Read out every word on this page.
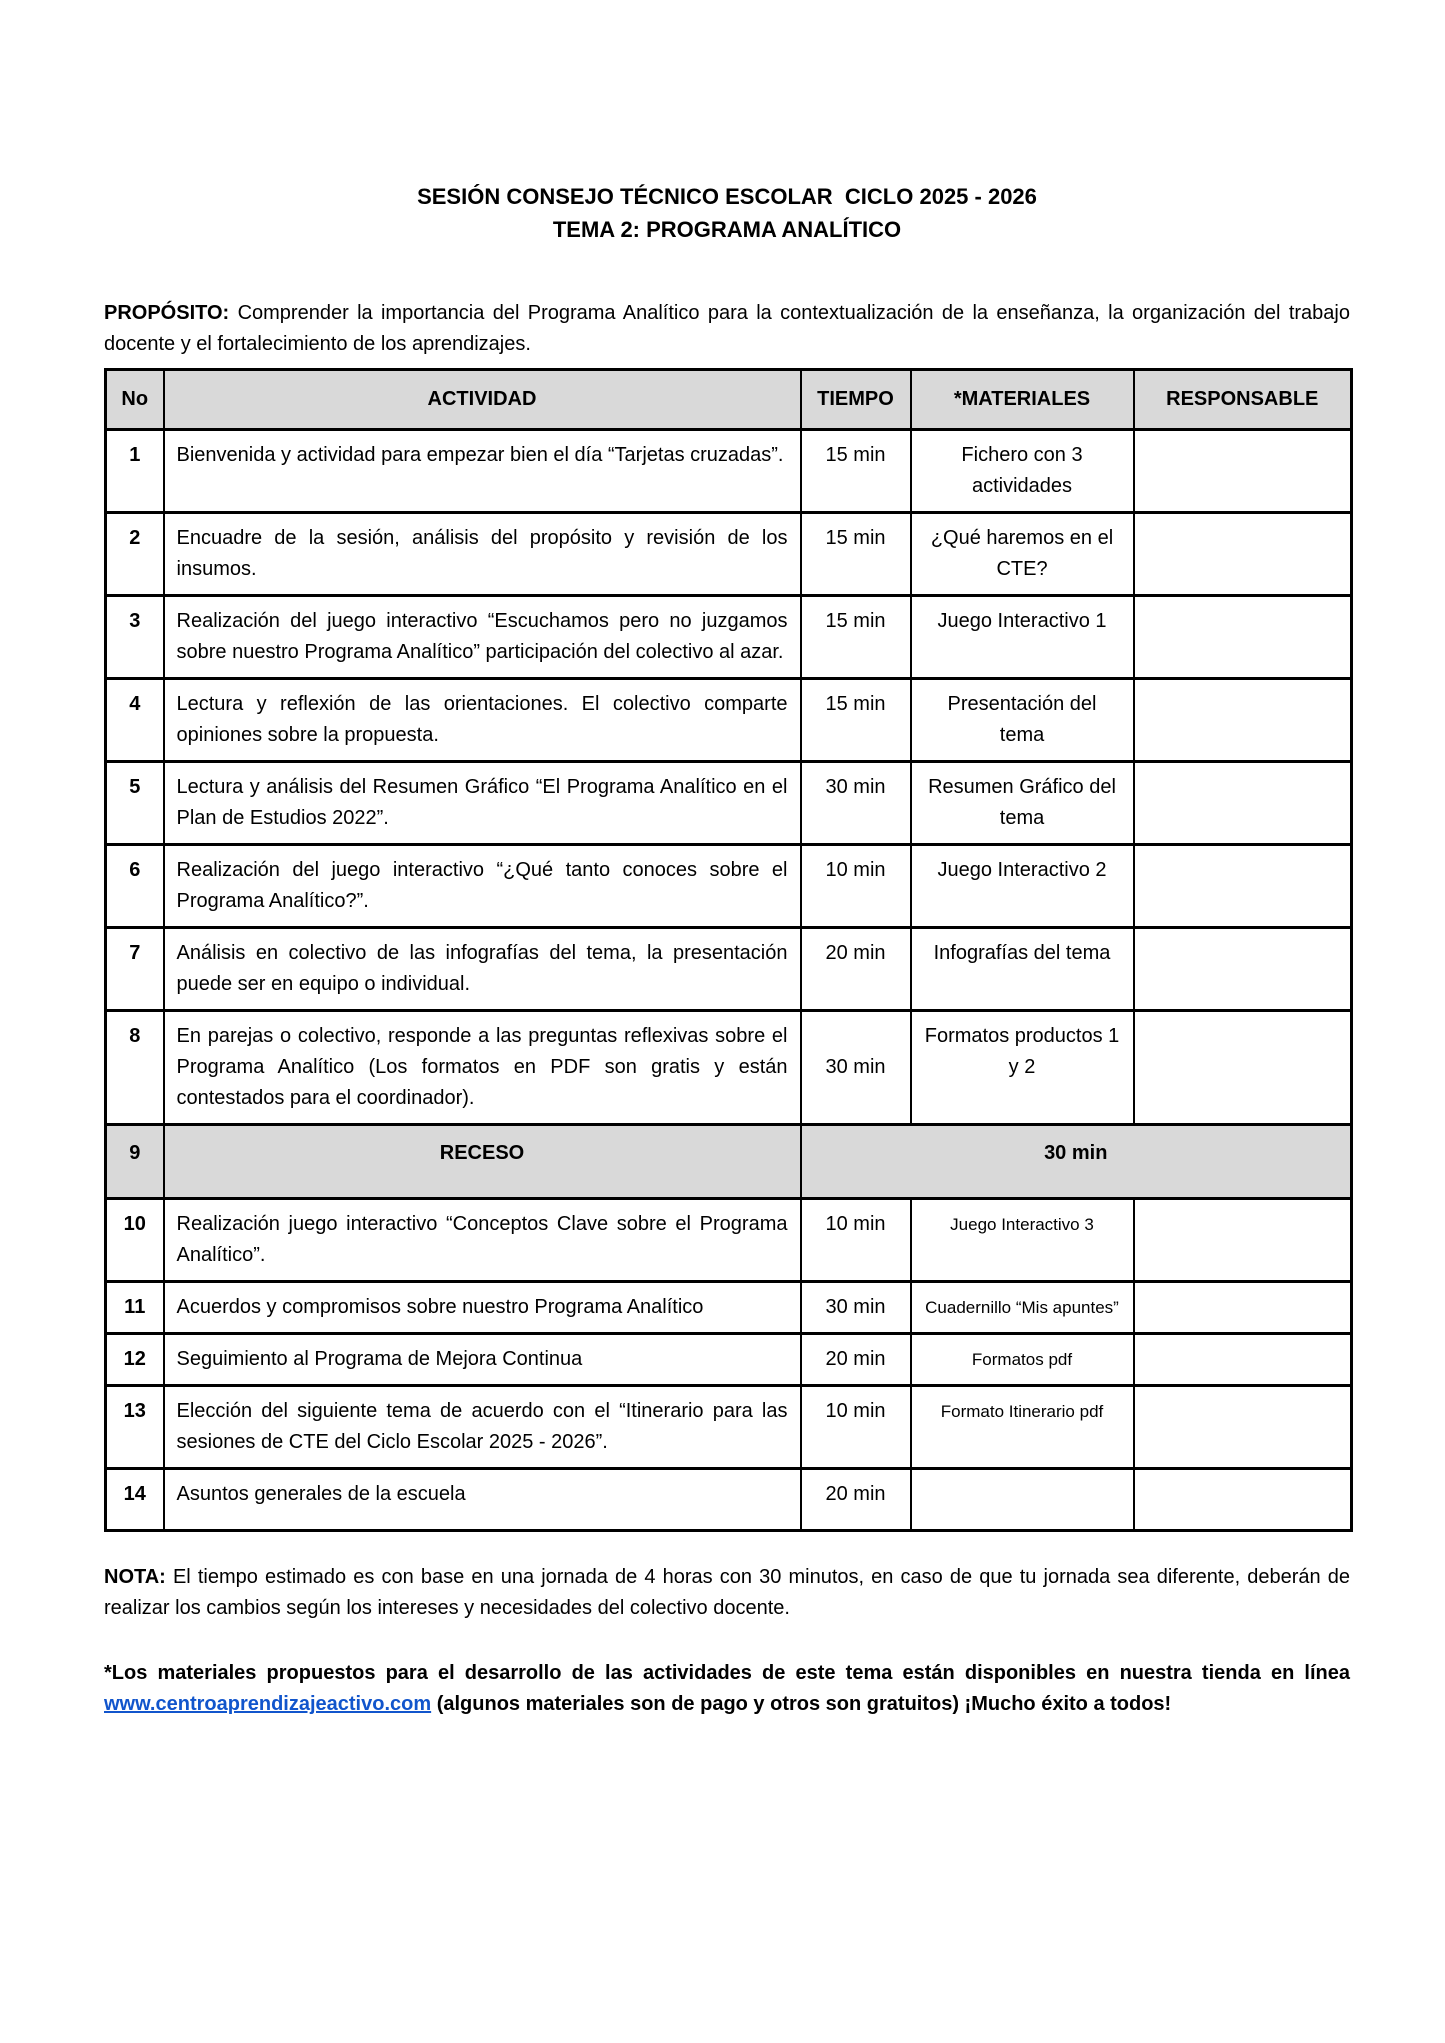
SESIÓN CONSEJO TÉCNICO ESCOLAR  CICLO 2025 - 2026
TEMA 2: PROGRAMA ANALÍTICO

PROPÓSITO: Comprender la importancia del Programa Analítico para la contextualización de la enseñanza, la organización del trabajo docente y el fortalecimiento de los aprendizajes.

No	ACTIVIDAD	TIEMPO	*MATERIALES	RESPONSABLE
1	Bienvenida y actividad para empezar bien el día “Tarjetas cruzadas”.	15 min	Fichero con 3 actividades	
2	Encuadre de la sesión, análisis del propósito y revisión de los insumos.	15 min	¿Qué haremos en el CTE?	
3	Realización del juego interactivo “Escuchamos pero no juzgamos sobre nuestro Programa Analítico” participación del colectivo al azar.	15 min	Juego Interactivo 1	
4	Lectura y reflexión de las orientaciones. El colectivo comparte opiniones sobre la propuesta.	15 min	Presentación del tema	
5	Lectura y análisis del Resumen Gráfico “El Programa Analítico en el Plan de Estudios 2022”.	30 min	Resumen Gráfico del tema	
6	Realización del juego interactivo “¿Qué tanto conoces sobre el Programa Analítico?”.	10 min	Juego Interactivo 2	
7	Análisis en colectivo de las infografías del tema, la presentación puede ser en equipo o individual.	20 min	Infografías del tema	
8	En parejas o colectivo, responde a las preguntas reflexivas sobre el Programa Analítico (Los formatos en PDF son gratis y están contestados para el coordinador).	30 min	Formatos productos 1 y 2	
9	RECESO	30 min		
10	Realización juego interactivo “Conceptos Clave sobre el Programa Analítico”.	10 min	Juego Interactivo 3	
11	Acuerdos y compromisos sobre nuestro Programa Analítico	30 min	Cuadernillo “Mis apuntes”	
12	Seguimiento al Programa de Mejora Continua	20 min	Formatos pdf	
13	Elección del siguiente tema de acuerdo con el “Itinerario para las sesiones de CTE del Ciclo Escolar 2025 - 2026”.	10 min	Formato Itinerario pdf	
14	Asuntos generales de la escuela	20 min		

NOTA: El tiempo estimado es con base en una jornada de 4 horas con 30 minutos, en caso de que tu jornada sea diferente, deberán de realizar los cambios según los intereses y necesidades del colectivo docente.

*Los materiales propuestos para el desarrollo de las actividades de este tema están disponibles en nuestra tienda en línea www.centroaprendizajeactivo.com (algunos materiales son de pago y otros son gratuitos) ¡Mucho éxito a todos!
